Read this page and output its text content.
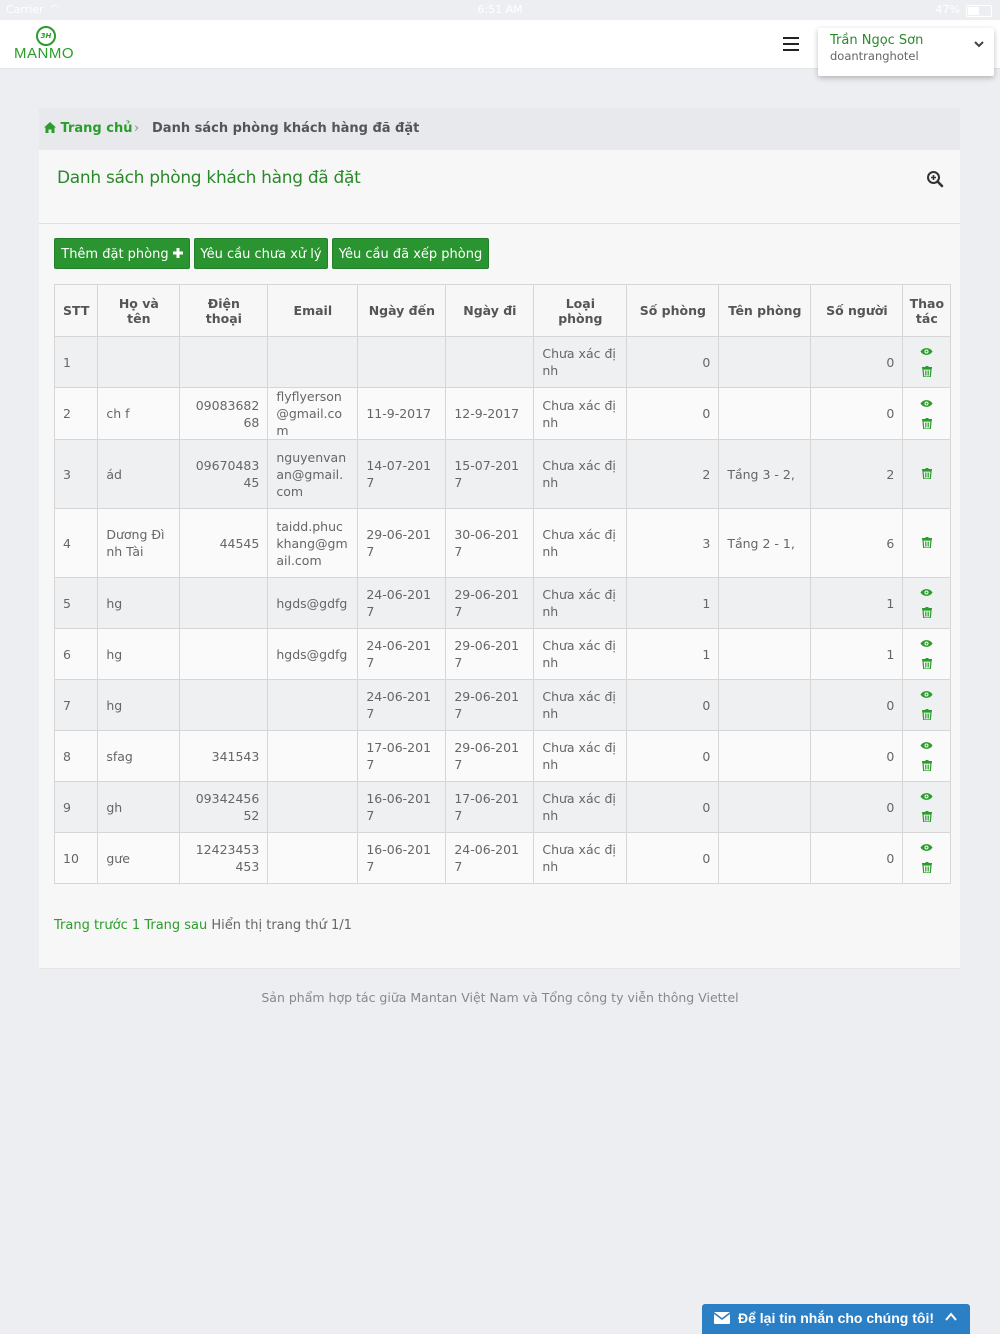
Carrier ◠	6:51 AM	47%
3H
MANMO
Trần Ngọc Sơn
doantranghotel
Trang chủ › Danh sách phòng khách hàng đã đặt
Danh sách phòng khách hàng đã đặt
Thêm đặt phòng	Yêu cầu chưa xử lý	Yêu cầu đã xếp phòng
STT	Họ và tên	Điện thoại	Email	Ngày đến	Ngày đi	Loại phòng	Số phòng	Tên phòng	Số người	Thao tác
1						Chưa xác định	0		0	

2	ch f	0908368268	flyflyerson@gmail.com	11-9-2017	12-9-2017	Chưa xác định	0		0	

3	ád	0967048345	nguyenvanan@gmail.com	14-07-2017	15-07-2017	Chưa xác định	2	Tầng 3 - 2,	2	

4	Dương Đình Tài	44545	taidd.phuckhang@gmail.com	29-06-2017	30-06-2017	Chưa xác định	3	Tầng 2 - 1,	6	

5	hg		hgds@gdfg	24-06-2017	29-06-2017	Chưa xác định	1		1	

6	hg		hgds@gdfg	24-06-2017	29-06-2017	Chưa xác định	1		1	

7	hg			24-06-2017	29-06-2017	Chưa xác định	0		0	

8	sfag	341543		17-06-2017	29-06-2017	Chưa xác định	0		0	

9	gh	0934245652		16-06-2017	17-06-2017	Chưa xác định	0		0	

10	gưe	12423453453		16-06-2017	24-06-2017	Chưa xác định	0		0	
Trang trước 1 Trang sau Hiển thị trang thứ 1/1
Sản phẩm hợp tác giữa Mantan Việt Nam và Tổng công ty viễn thông Viettel
Để lại tin nhắn cho chúng tôi!
